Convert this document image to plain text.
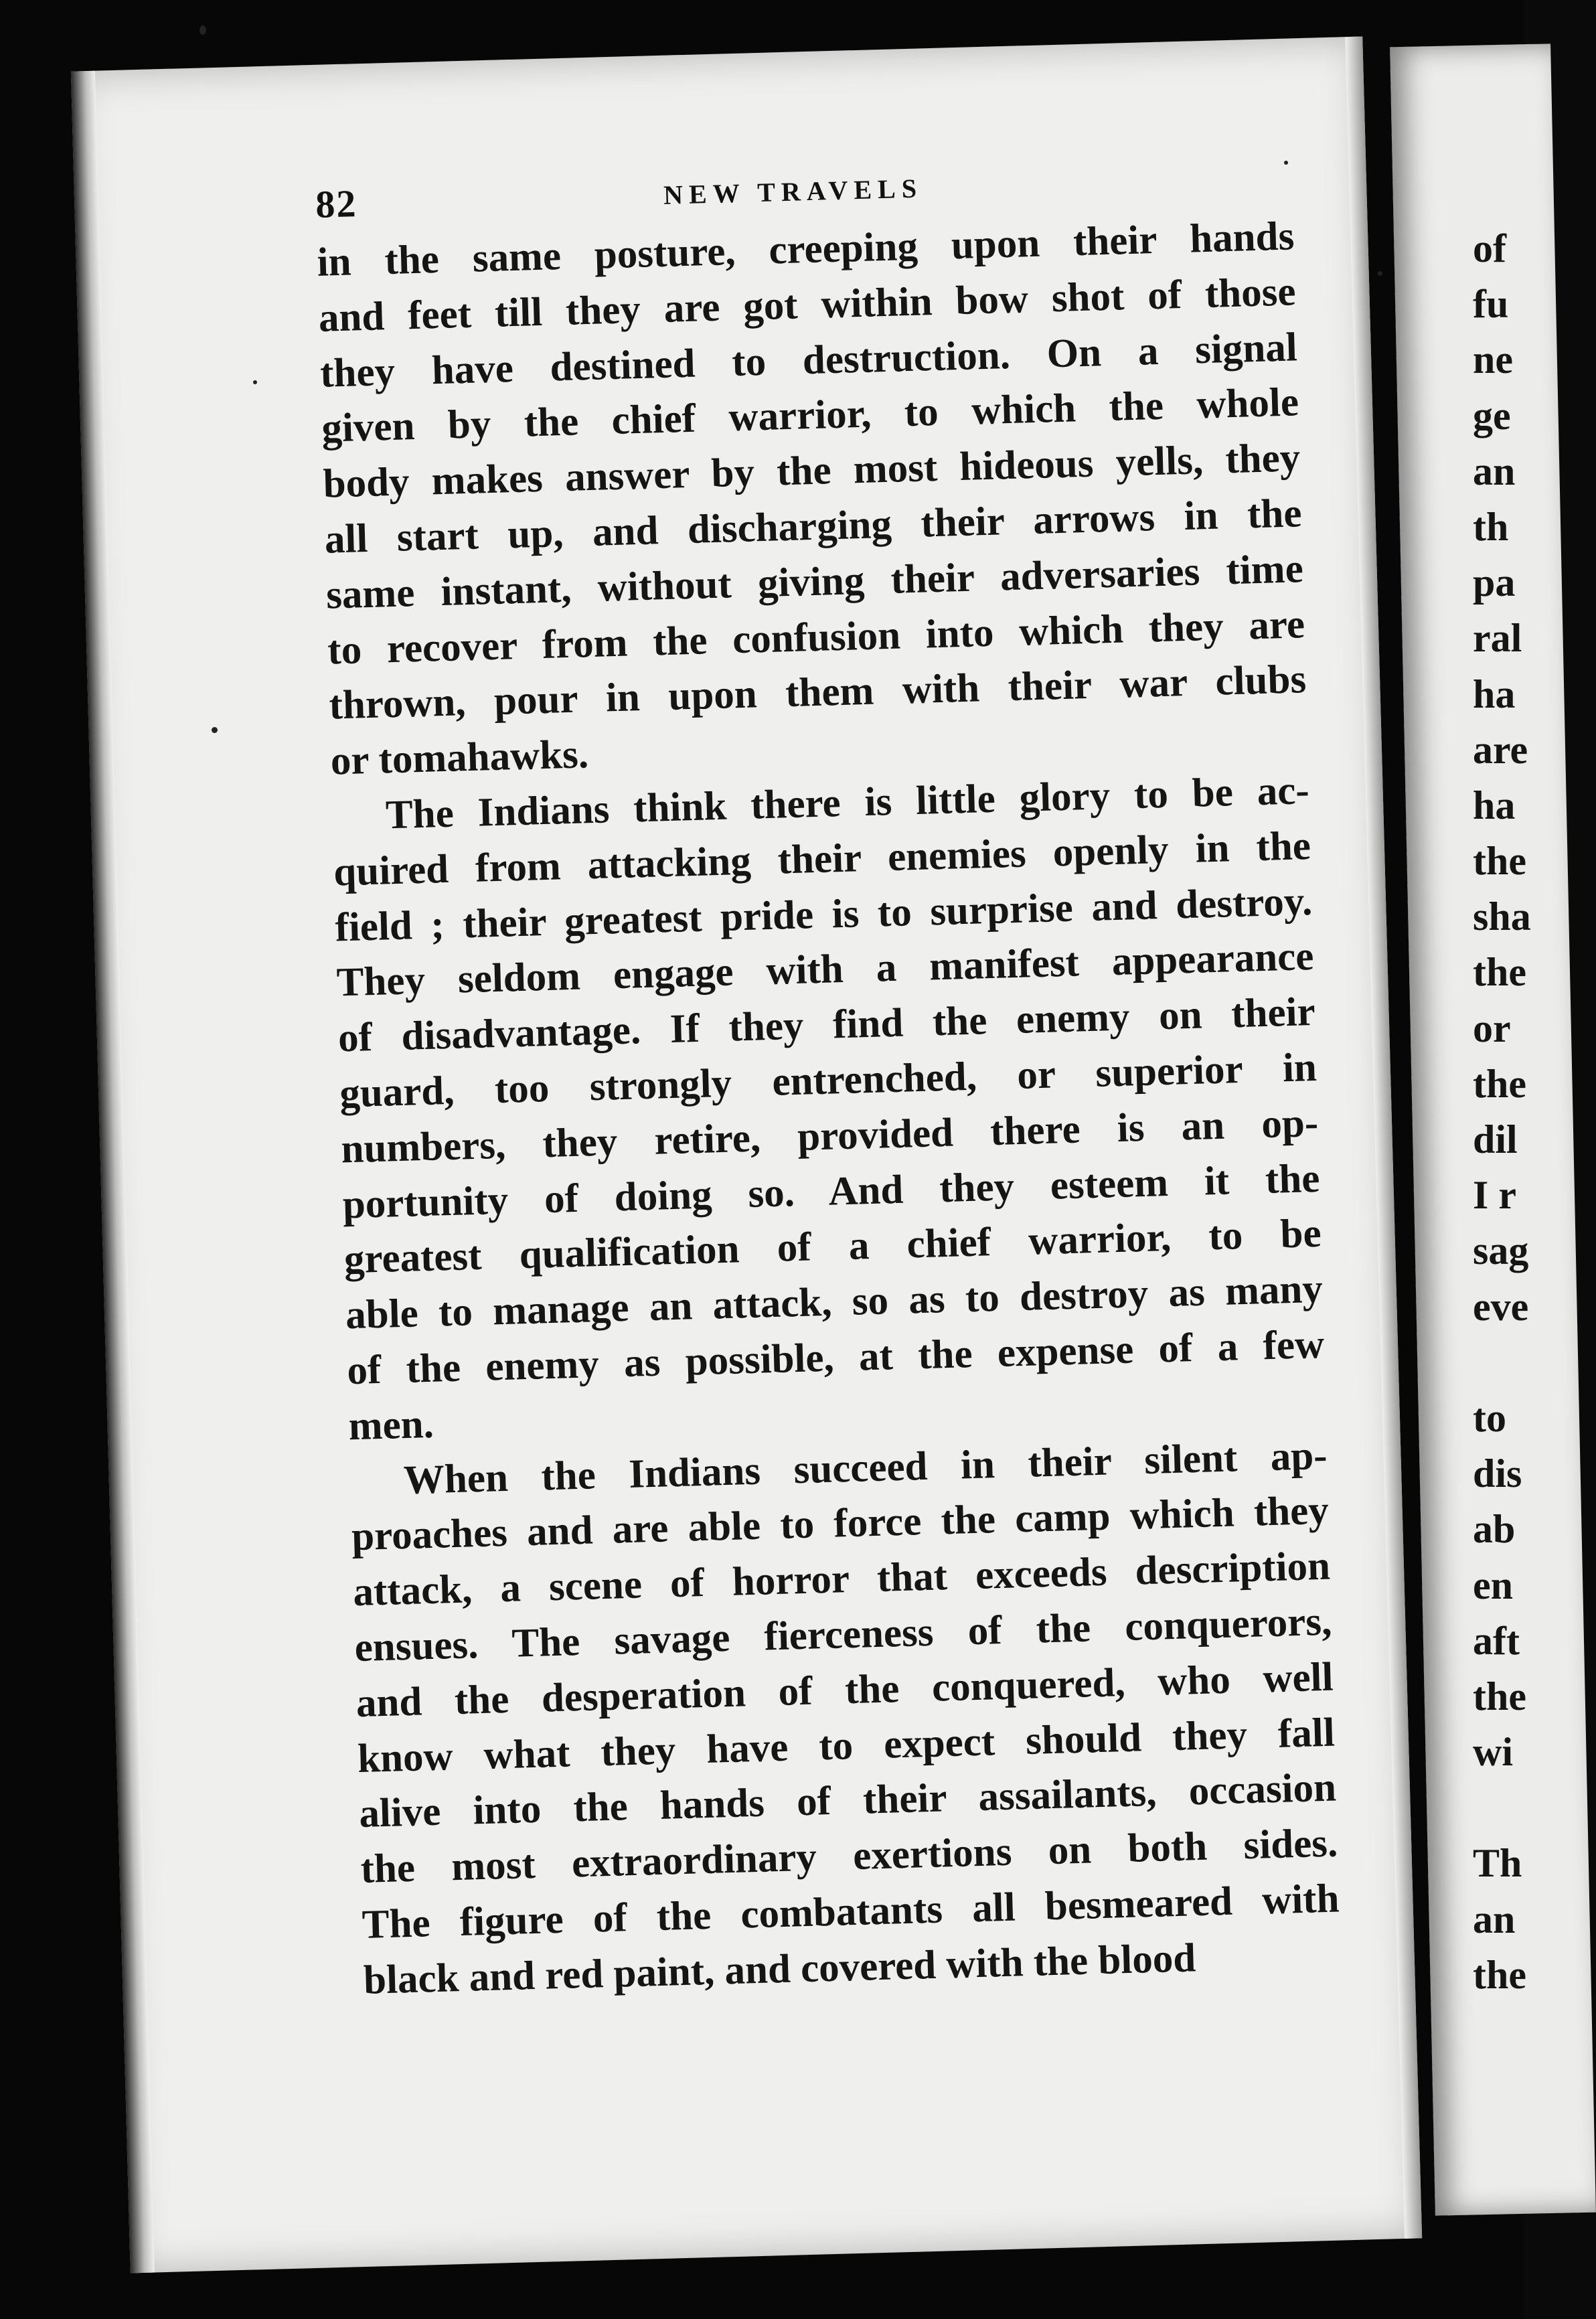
of
fu
ne
ge
an
th
pa
ral
ha
are
ha
the
sha
the
or
the
dil
I r
sag
eve
to
dis
ab
en
aft
the
wi
Th
an
the
82	NEW TRAVELS
in the same posture, creeping upon their hands
and feet till they are got within bow shot of those
they have destined to destruction. On a signal
given by the chief warrior, to which the whole
body makes answer by the most hideous yells, they
all start up, and discharging their arrows in the
same instant, without giving their adversaries time
to recover from the confusion into which they are
thrown, pour in upon them with their war clubs
or tomahawks.
The Indians think there is little glory to be ac-
quired from attacking their enemies openly in the
field ; their greatest pride is to surprise and destroy.
They seldom engage with a manifest appearance
of disadvantage. If they find the enemy on their
guard, too strongly entrenched, or superior in
numbers, they retire, provided there is an op-
portunity of doing so. And they esteem it the
greatest qualification of a chief warrior, to be
able to manage an attack, so as to destroy as many
of the enemy as possible, at the expense of a few
men.
When the Indians succeed in their silent ap-
proaches and are able to force the camp which they
attack, a scene of horror that exceeds description
ensues. The savage fierceness of the conquerors,
and the desperation of the conquered, who well
know what they have to expect should they fall
alive into the hands of their assailants, occasion
the most extraordinary exertions on both sides.
The figure of the combatants all besmeared with
black and red paint, and covered with the blood
